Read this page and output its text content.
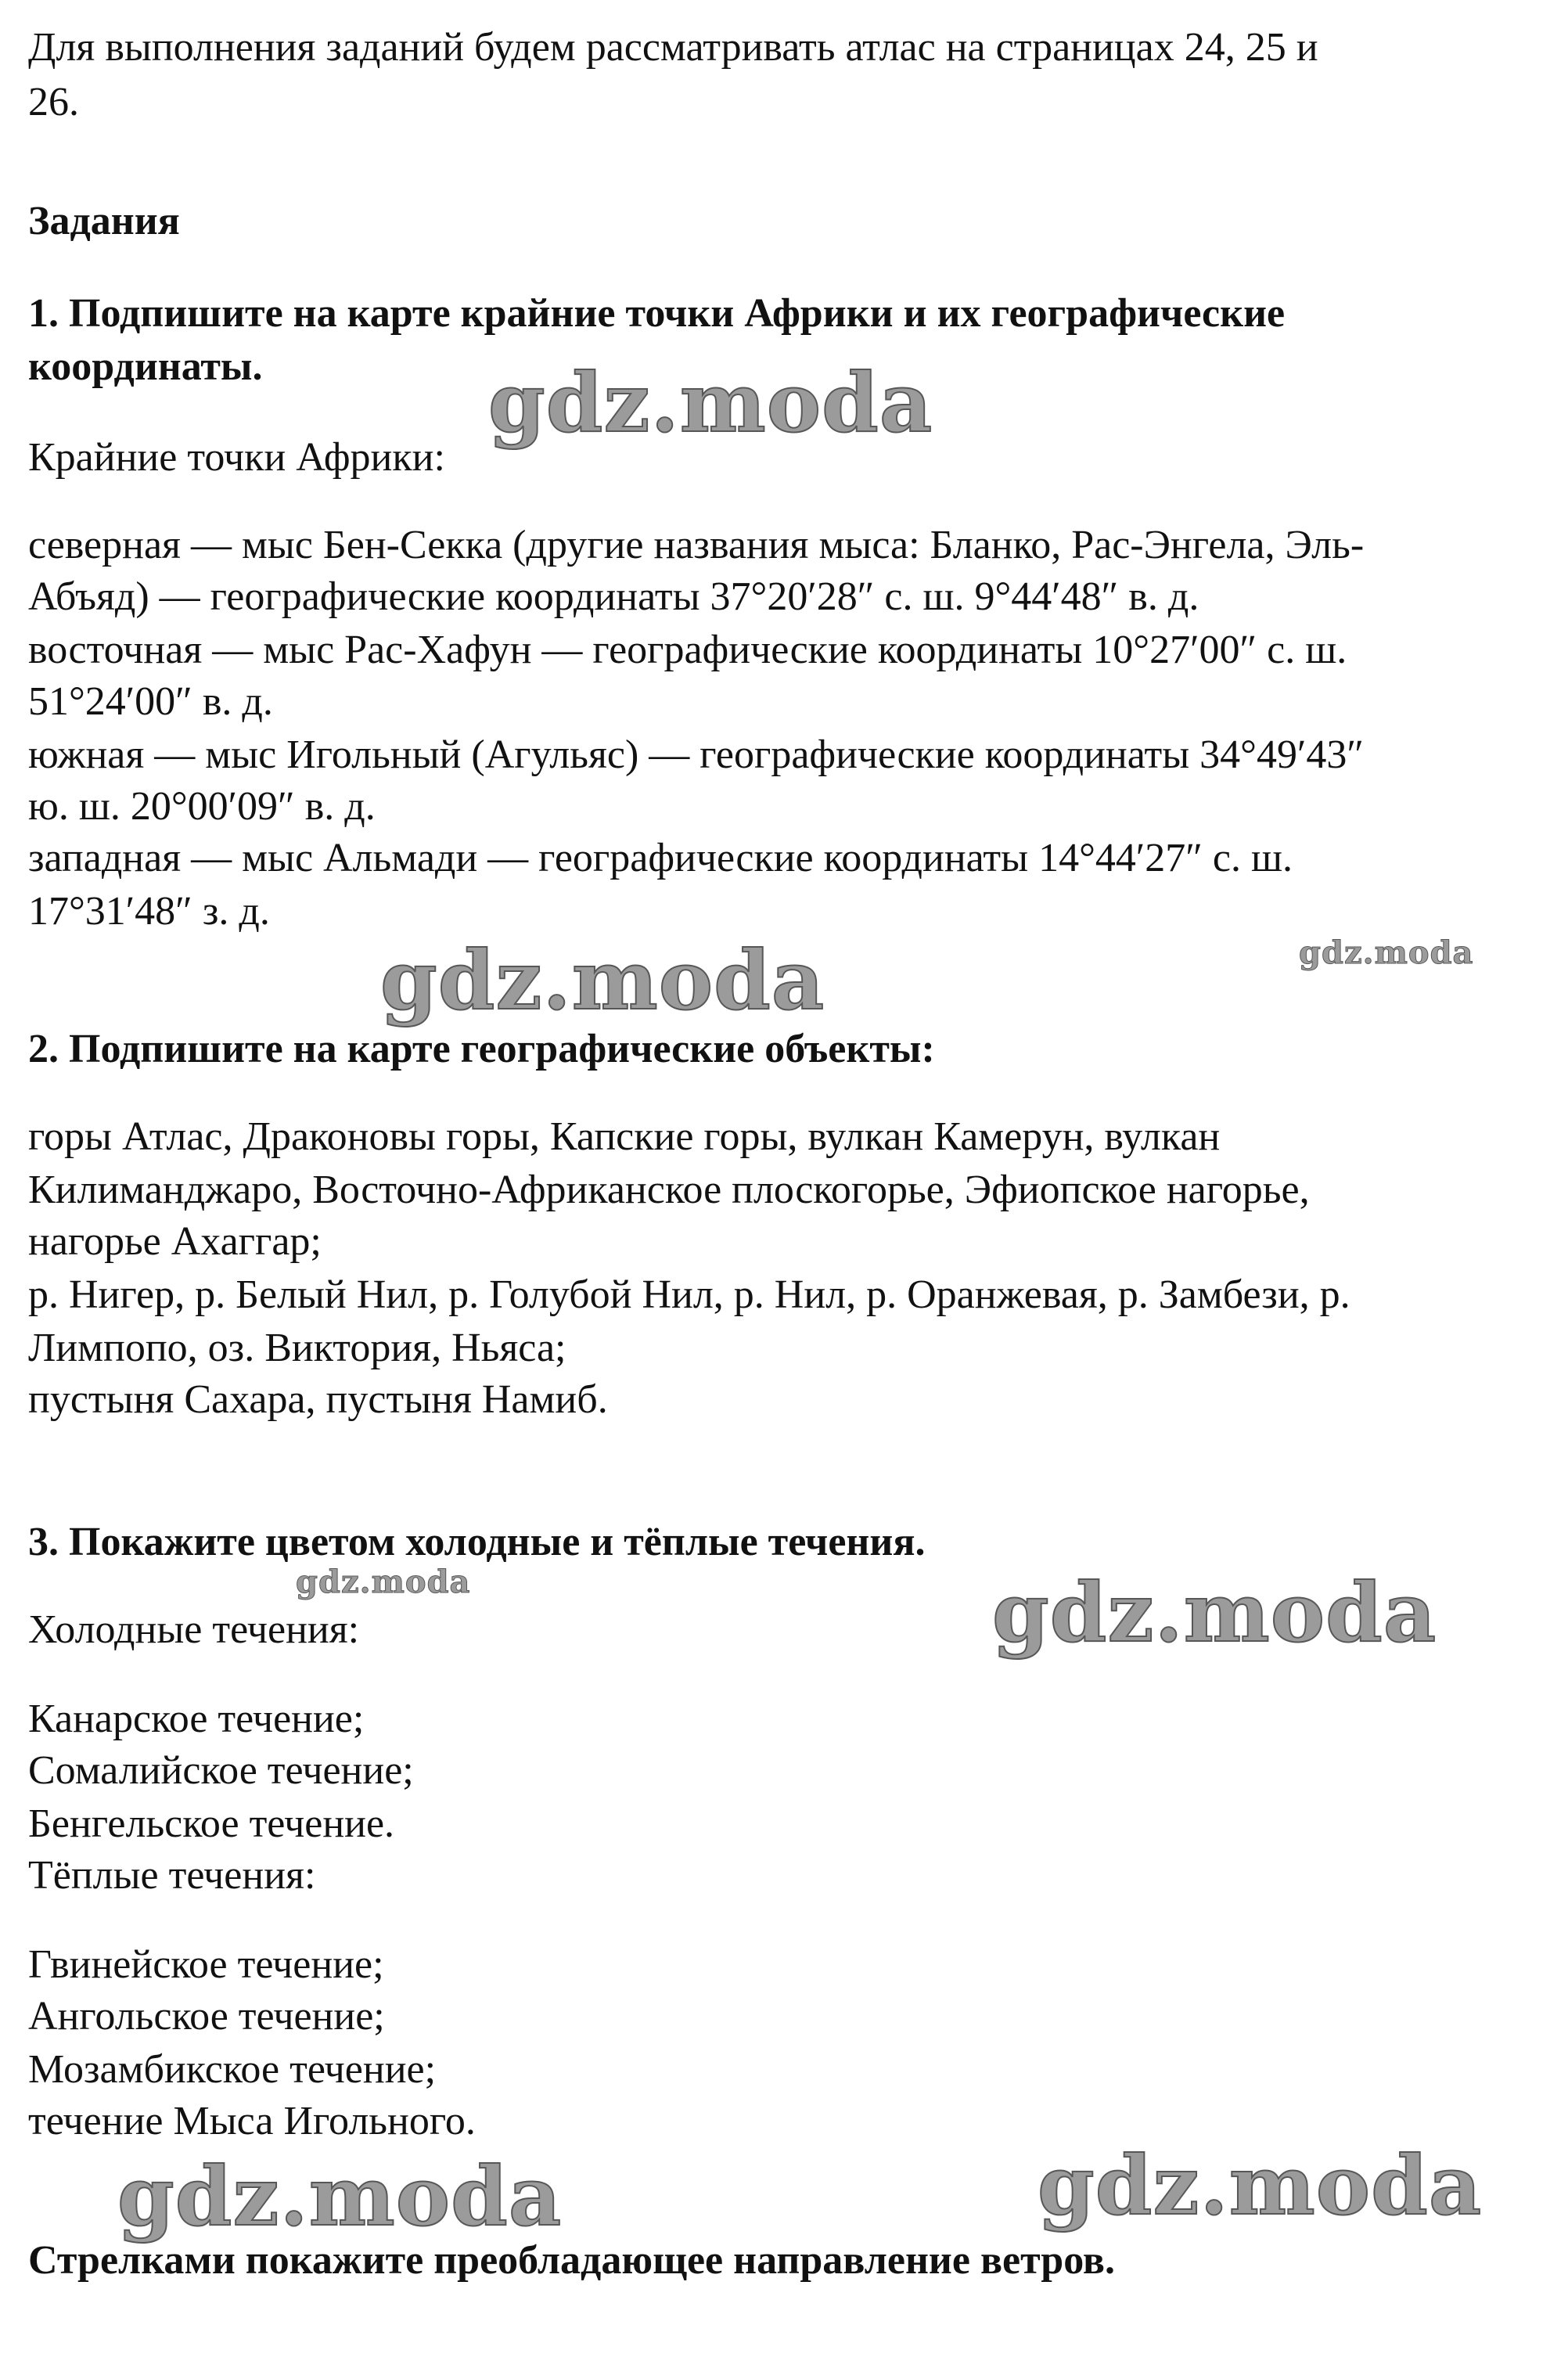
Для выполнения заданий будем рассматривать атлас на страницах 24, 25 и
26.
Задания
1. Подпишите на карте крайние точки Африки и их географические
координаты.
Крайние точки Африки:
северная — мыс Бен-Секка (другие названия мыса: Бланко, Рас-Энгела, Эль-
Абъяд) — географические координаты 37°20′28″ с. ш. 9°44′48″ в. д.
восточная — мыс Рас-Хафун — географические координаты 10°27′00″ с. ш.
51°24′00″ в. д.
южная — мыс Игольный (Агульяс) — географические координаты 34°49′43″
ю. ш. 20°00′09″ в. д.
западная — мыс Альмади — географические координаты 14°44′27″ с. ш.
17°31′48″ з. д.
2. Подпишите на карте географические объекты:
горы Атлас, Драконовы горы, Капские горы, вулкан Камерун, вулкан
Килиманджаро, Восточно-Африканское плоскогорье, Эфиопское нагорье,
нагорье Ахаггар;
р. Нигер, р. Белый Нил, р. Голубой Нил, р. Нил, р. Оранжевая, р. Замбези, р.
Лимпопо, оз. Виктория, Ньяса;
пустыня Сахара, пустыня Намиб.
3. Покажите цветом холодные и тёплые течения.
Холодные течения:
Канарское течение;
Сомалийское течение;
Бенгельское течение.
Тёплые течения:
Гвинейское течение;
Ангольское течение;
Мозамбикское течение;
течение Мыса Игольного.
Стрелками покажите преобладающее направление ветров.
gdz.moda
gdz.moda	gdz.moda
gdz.moda	gdz.moda
gdz.moda	gdz.moda
